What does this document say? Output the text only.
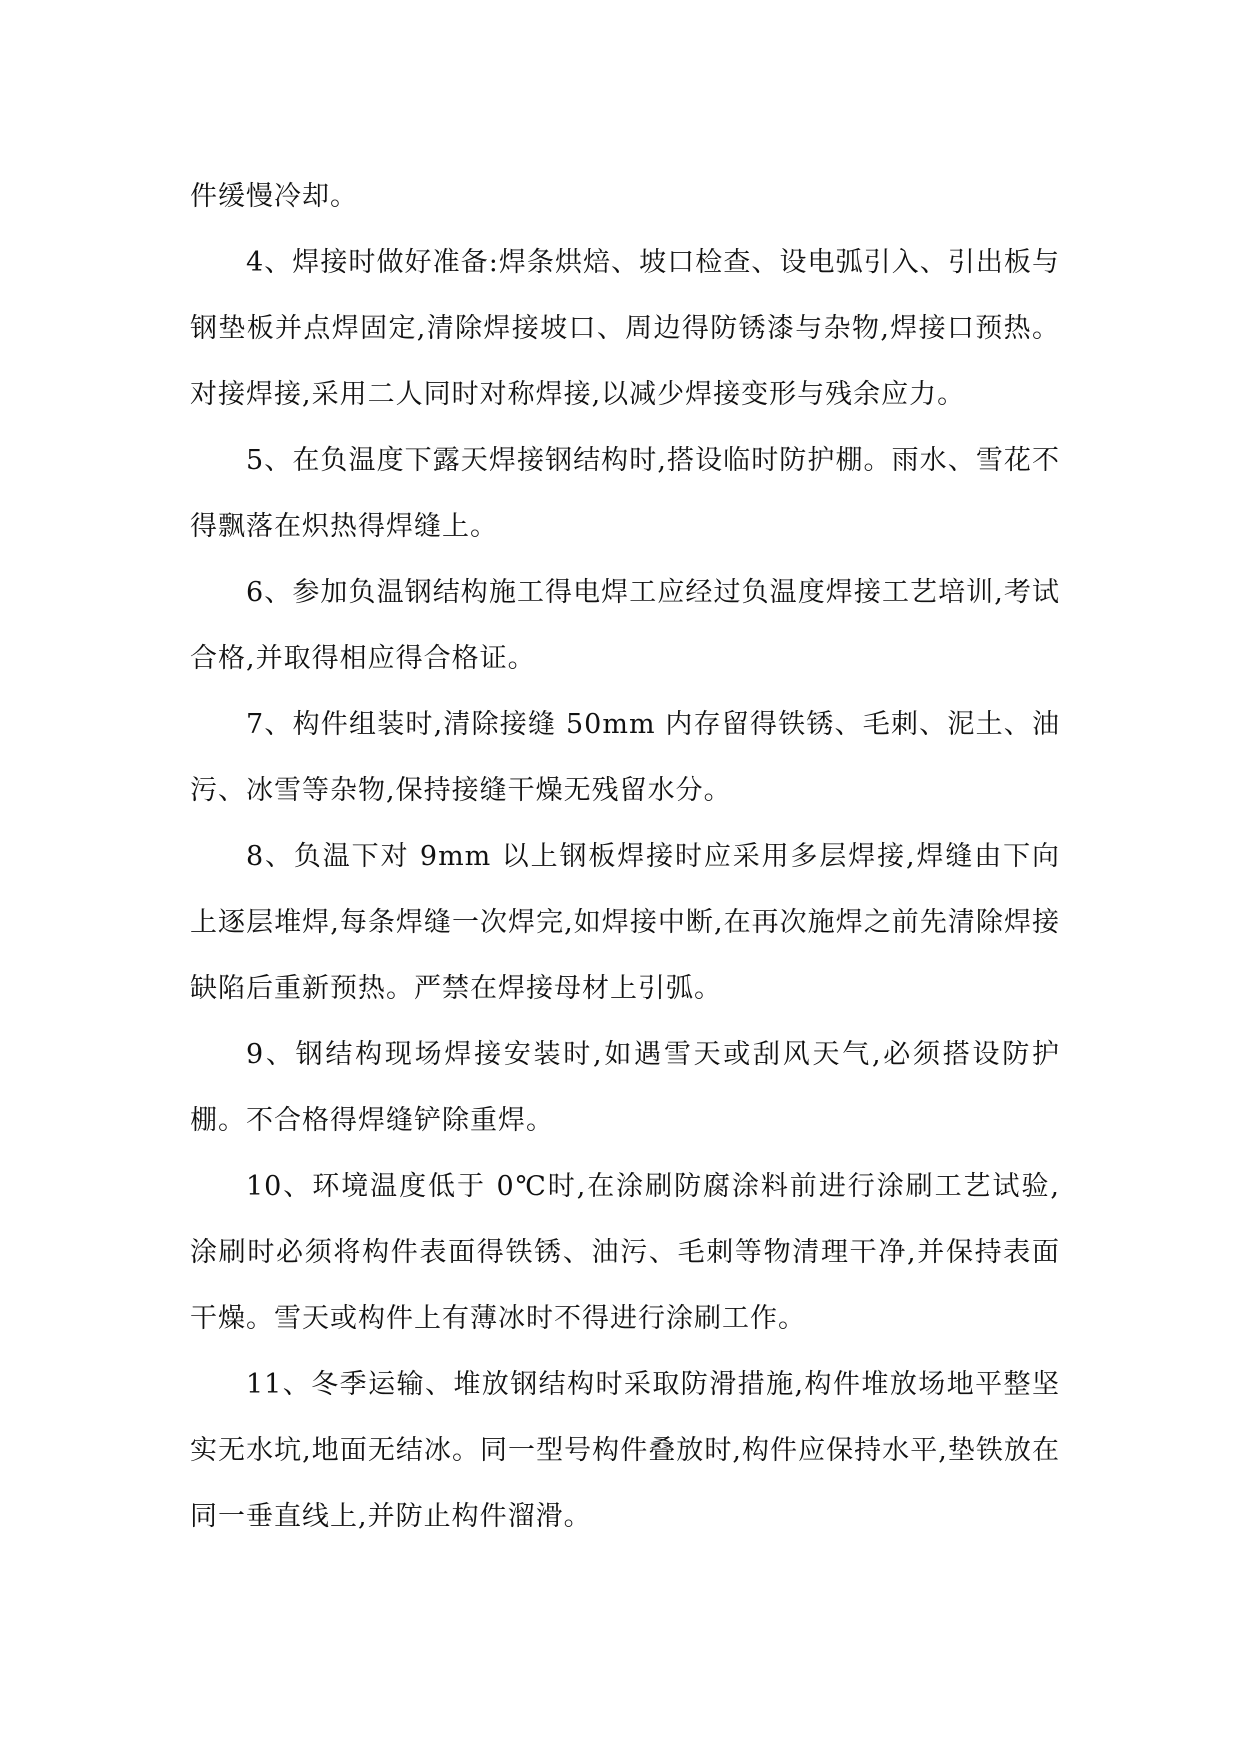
件缓慢冷却。

4、焊接时做好准备:焊条烘焙、坡口检查、设电弧引入、引出板与钢垫板并点焊固定,清除焊接坡口、周边得防锈漆与杂物,焊接口预热。对接焊接,采用二人同时对称焊接,以减少焊接变形与残余应力。

5、在负温度下露天焊接钢结构时,搭设临时防护棚。雨水、雪花不得飘落在炽热得焊缝上。

6、参加负温钢结构施工得电焊工应经过负温度焊接工艺培训,考试合格,并取得相应得合格证。

7、构件组装时,清除接缝 50mm 内存留得铁锈、毛刺、泥土、油污、冰雪等杂物,保持接缝干燥无残留水分。

8、负温下对 9mm 以上钢板焊接时应采用多层焊接,焊缝由下向上逐层堆焊,每条焊缝一次焊完,如焊接中断,在再次施焊之前先清除焊接缺陷后重新预热。严禁在焊接母材上引弧。

9、钢结构现场焊接安装时,如遇雪天或刮风天气,必须搭设防护棚。不合格得焊缝铲除重焊。

10、环境温度低于 0℃时,在涂刷防腐涂料前进行涂刷工艺试验,涂刷时必须将构件表面得铁锈、油污、毛刺等物清理干净,并保持表面干燥。雪天或构件上有薄冰时不得进行涂刷工作。

11、冬季运输、堆放钢结构时采取防滑措施,构件堆放场地平整坚实无水坑,地面无结冰。同一型号构件叠放时,构件应保持水平,垫铁放在同一垂直线上,并防止构件溜滑。
